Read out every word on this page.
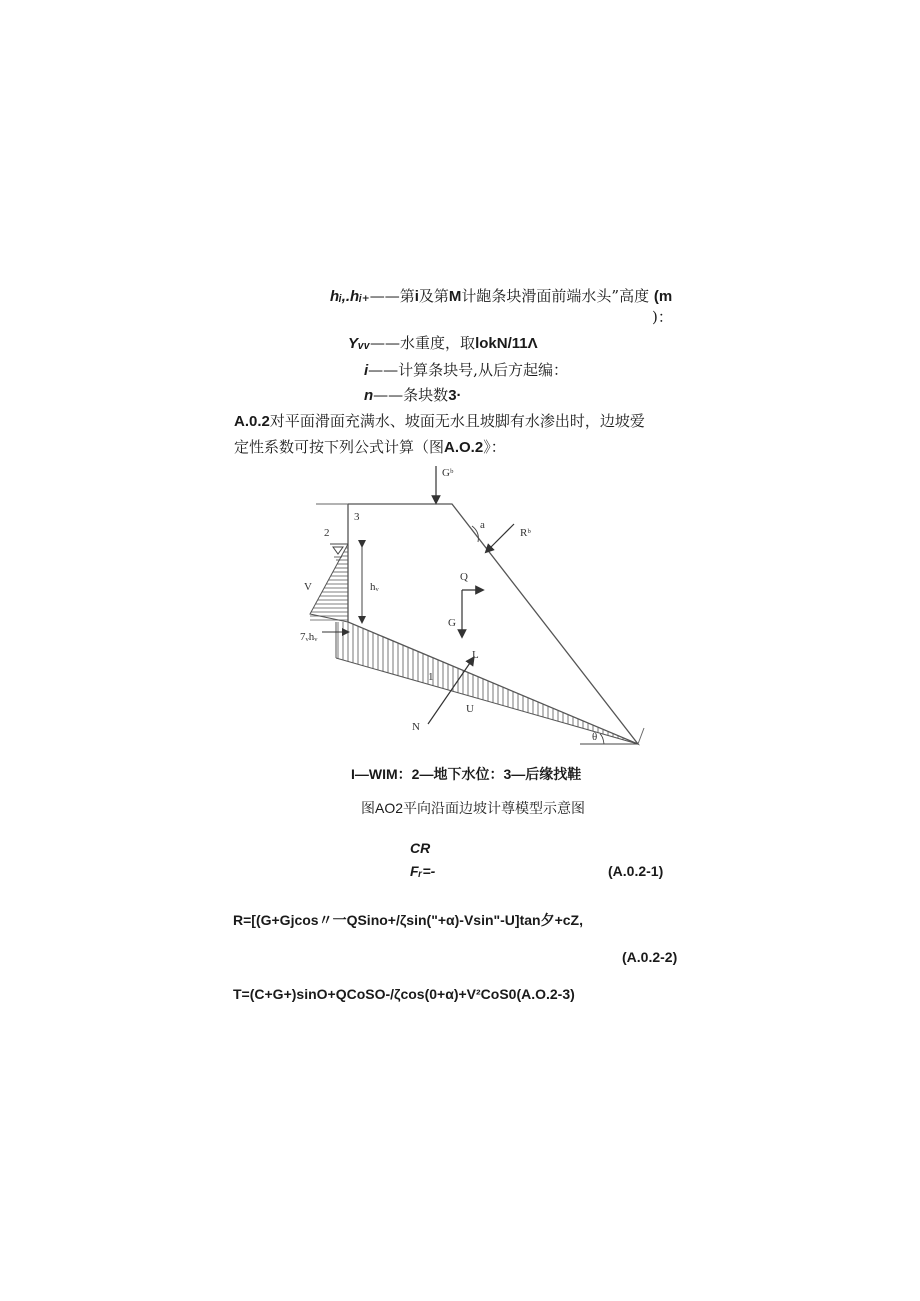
hᵢ,.hᵢ₊——第i及第M计龅条块滑面前端水头”高度 (m
)：
Yᵥᵥ——水重度，取lokN/11Λ
i——计算条块号,从后方起编：
n——条块数3·
A.0.2对平面滑面充满水、坡面无水且坡脚有水渗出时，边坡爱
定性系数可按下列公式计算（图A.O.2》：
Gᵇ
3
a
Rᵇ
2
V	hᵥ
Q
G
7ᵥhᵥ
L
1
U
N
θ
I—WIM：2—地下水位：3—后缘找鞋
图AO2平向沿面边坡计尊模型示意图
CR
Fᵣ=-	(A.0.2-1)
R=[(G+Gjcos〃一QSino+/ζsin("+α)-Vsin"-U]tan夕+cZ,
(A.0.2-2)
T=(C+G+)sinO+QCoSO-/ζcos(0+α)+V²CoS0(A.O.2-3)
